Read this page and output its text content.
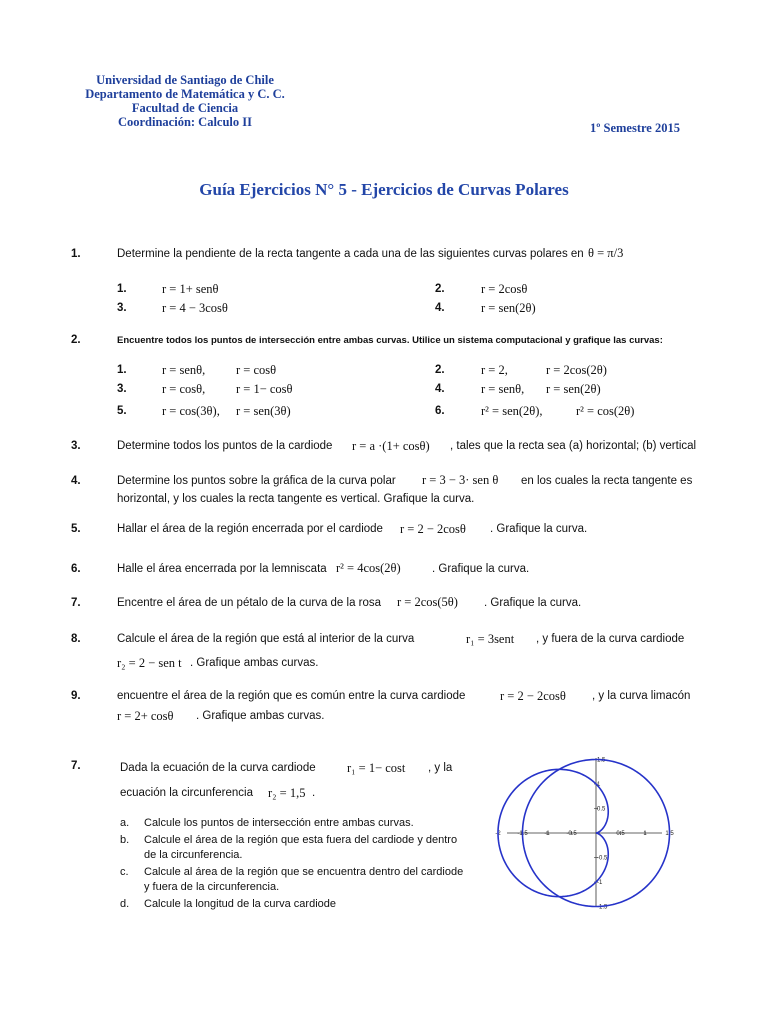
Universidad de Santiago de Chile
Departamento de Matemática y C. C.
Facultad de Ciencia
Coordinación: Calculo II	1º Semestre 2015
Guía Ejercicios N° 5 - Ejercicios de Curvas Polares
1.	Determine la pendiente de la recta tangente a cada una de las siguientes curvas polares en θ = π/3
1.	r = 1+ senθ	2.	r = 2cosθ
3.	r = 4 − 3cosθ	4.	r = sen(2θ)
2.	Encuentre todos los puntos de intersección entre ambas curvas. Utilice un sistema computacional y grafique las curvas:
1.	r = senθ, r = cosθ	2.	r = 2,	r = 2cos(2θ)
3.	r = cosθ, r = 1− cosθ	4.	r = senθ, r = sen(2θ)
5.	r = cos(3θ), r = sen(3θ)	6.	r² = sen(2θ),	r² = cos(2θ)
3.	Determine todos los puntos de la cardiode r = a ·(1+ cosθ) , tales que la recta sea (a) horizontal; (b) vertical
4.	Determine los puntos sobre la gráfica de la curva polar r = 3 − 3· sen θ en los cuales la recta tangente es
horizontal, y los cuales la recta tangente es vertical. Grafique la curva.
5.	Hallar el área de la región encerrada por el cardiode r = 2 − 2cosθ . Grafique la curva.
6.	Halle el área encerrada por la lemniscata r² = 4cos(2θ)	. Grafique la curva.
7.	Encentre el área de un pétalo de la curva de la rosa r = 2cos(5θ) . Grafique la curva.
8.	Calcule el área de la región que está al interior de la curva	r₁ = 3sent , y fuera de la curva cardiode
r₂ = 2 − sen t . Grafique ambas curvas.
9.	encuentre el área de la región que es común entre la curva cardiode	r = 2 − 2cosθ , y la curva limacón
r = 2+ cosθ . Grafique ambas curvas.
7.	Dada la ecuación de la curva cardiode	r₁ = 1− cost , y la
ecuación la circunferencia r₂ = 1,5 .
a.	Calcule los puntos de intersección entre ambas curvas.
b.	Calcule el área de la región que esta fuera del cardiode y dentro de la circunferencia.
c.	Calcule al área de la región que se encuentra dentro del cardiode y fuera de la circunferencia.
d.	Calcule la longitud de la curva cardiode
-2	-1.5	-1	-0.5	0.5	1	1.5
1.5
1
0.5
-0.5
-1
-1.5
